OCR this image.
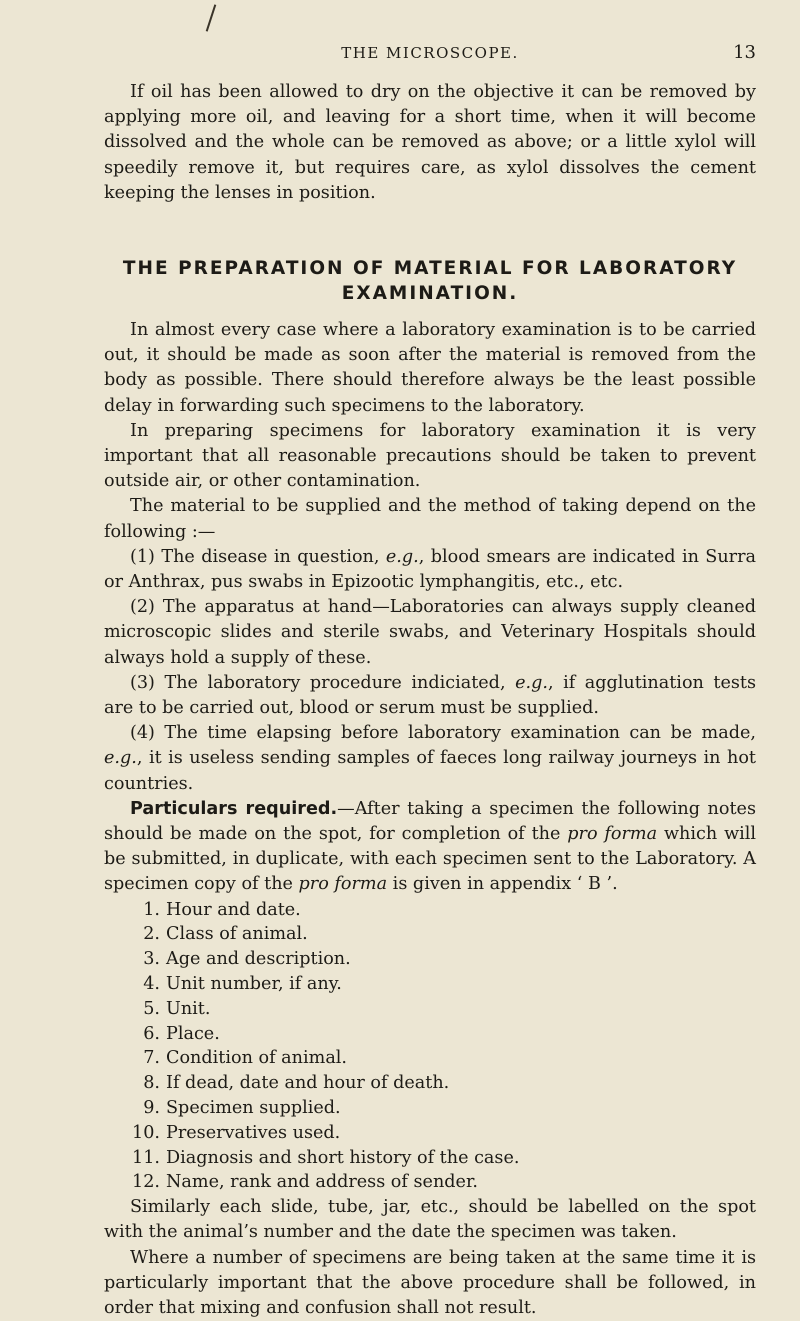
THE MICROSCOPE.	13

If oil has been allowed to dry on the objective it can be removed by applying more oil, and leaving for a short time, when it will become dissolved and the whole can be removed as above; or a little xylol will speedily remove it, but requires care, as xylol dissolves the cement keeping the lenses in position.

THE PREPARATION OF MATERIAL FOR LABORATORY
EXAMINATION.

In almost every case where a laboratory examination is to be carried out, it should be made as soon after the material is removed from the body as possible. There should therefore always be the least possible delay in forwarding such specimens to the laboratory.

In preparing specimens for laboratory examination it is very important that all reasonable precautions should be taken to prevent outside air, or other contamination.

The material to be supplied and the method of taking depend on the following :—

(1) The disease in question, e.g., blood smears are indicated in Surra or Anthrax, pus swabs in Epizootic lymphangitis, etc., etc.

(2) The apparatus at hand—Laboratories can always supply cleaned microscopic slides and sterile swabs, and Veterinary Hospitals should always hold a supply of these.

(3) The laboratory procedure indiciated, e.g., if agglutination tests are to be carried out, blood or serum must be supplied.

(4) The time elapsing before laboratory examination can be made, e.g., it is useless sending samples of faeces long railway journeys in hot countries.

Particulars required.—After taking a specimen the following notes should be made on the spot, for completion of the pro forma which will be submitted, in duplicate, with each specimen sent to the Laboratory. A specimen copy of the pro forma is given in appendix ‘ B ’.

1. Hour and date.
2. Class of animal.
3. Age and description.
4. Unit number, if any.
5. Unit.
6. Place.
7. Condition of animal.
8. If dead, date and hour of death.
9. Specimen supplied.
10. Preservatives used.
11. Diagnosis and short history of the case.
12. Name, rank and address of sender.

Similarly each slide, tube, jar, etc., should be labelled on the spot with the animal’s number and the date the specimen was taken.

Where a number of specimens are being taken at the same time it is particularly important that the above procedure shall be followed, in order that mixing and confusion shall not result.
